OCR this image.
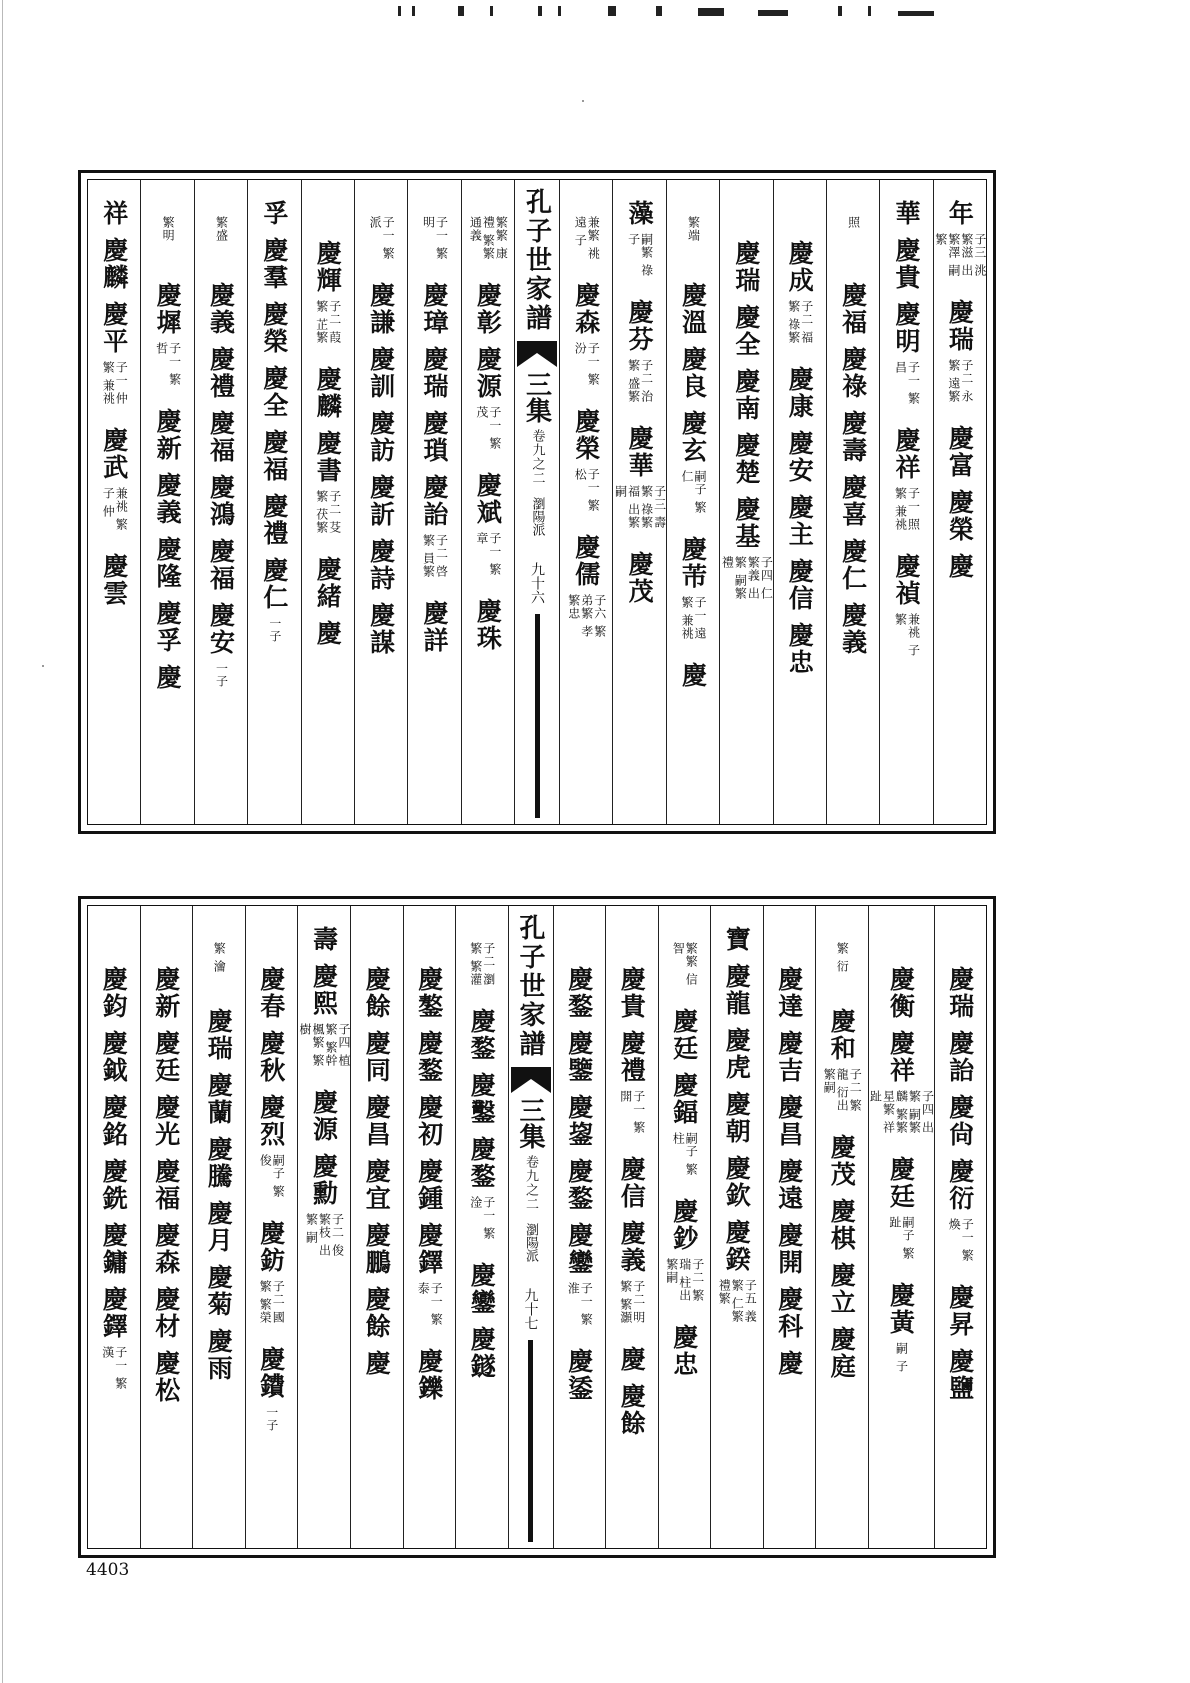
年
子三 洮繁滋 出繁澤 嗣繁
慶瑞
子二 永繁 遠繁
慶富
慶榮
慶
華
慶貴
慶明
子一 繁昌
慶祥
子一 照繁 兼祧
慶禎
兼祧 子繁
照
慶福
慶祿
慶壽
慶喜
慶仁
慶義
慶成
子二 福繁 祿繁
慶康
慶安
慶主
慶信
慶忠
慶瑞
慶全
慶南
慶楚
慶基
子四 仁繁義 出繁 嗣繁禮
繁端
慶溫
慶良
慶玄
嗣子 繁仁
慶芾
子一 遠繁 兼祧
慶
藻
嗣繁 祿子
慶芬
子二 治繁 盛繁
慶華
子三 壽繁 祿繁福 出繁 嗣
慶茂
兼繁 祧遠 子
慶森
子一 繁汾
慶榮
子一 繁松
慶儒
子六 繁弟繁 孝繁忠
孔子世家譜
三集
卷九之二
瀏陽派
九十六
繁繁 康禮 繁繁 通義
慶彰
慶源
子一 繁茂
慶斌
子一 繁章
慶珠
子一 繁明
慶璋
慶瑞
慶瑣
慶詒
子二 啓繁 員繁
慶詳
子一 繁派
慶謙
慶訓
慶訪
慶訢
慶詩
慶謀
慶輝
子二 葭繁 芷繁
慶麟
慶書
子二 芟繁 茯繁
慶緒
慶
孚
慶羣
慶榮
慶全
慶福
慶禮
慶仁
一子
繁盛
慶義
慶禮
慶福
慶鴻
慶福
慶安
一子
繁明
慶墀
子一 繁哲
慶新
慶義
慶隆
慶孚
慶
祥
慶麟
慶平
子一 仲繁 兼祧
慶武
兼祧 繁子 仲
慶雲
慶瑞
慶詒
慶尙
慶衍
子一 繁煥
慶昇
慶鹽
慶衡
慶祥
子四 出繁 嗣繁麟 繁繁 星繁 祥趾
慶廷
嗣子 繁趾
慶黃
嗣 子
繁 衍
慶和
子二 繁龍 衍出 繁嗣
慶茂
慶棋
慶立
慶庭
慶達
慶吉
慶昌
慶遠
慶開
慶科
慶
寶
慶龍
慶虎
慶朝
慶欽
慶鍨
子五 義繁 仁繁 禮繁
繁繁 信智
慶廷
慶鍢
嗣子 繁柱
慶鈔
子二 繁瑞 柱出 繁嗣
慶忠
慶貴
慶禮
子一 繁開
慶信
慶義
子二 明繁 繁灝
慶
慶餘
慶鍪
慶鑒
慶鋆
慶鍪
慶鑾
子一 繁淮
慶鋈
孔子世家譜
三集
卷九之二
瀏陽派
九十七
子二 瀏繁 繁灌
慶鍪
慶鑿
慶鍪
子一 繁淦
慶鑾
慶鐩
慶鏊
慶鍪
慶初
慶鍾
慶鐸
子一 繁泰
慶鑠
慶餘
慶同
慶昌
慶宜
慶鵬
慶餘
慶
壽
慶熙
子四 植繁 繁幹 楓繁 繁樹
慶源
慶勳
子二 俊繁枝 出繁 嗣
慶春
慶秋
慶烈
嗣子 繁俊
慶鈁
子二 國繁 繁榮
慶鐨
一子
繁 瀹
慶瑞
慶蘭
慶騰
慶月
慶菊
慶雨
慶新
慶廷
慶光
慶福
慶森
慶材
慶松
慶鈞
慶鉞
慶銘
慶銑
慶鏞
慶鐸
子一 繁漢
4403
